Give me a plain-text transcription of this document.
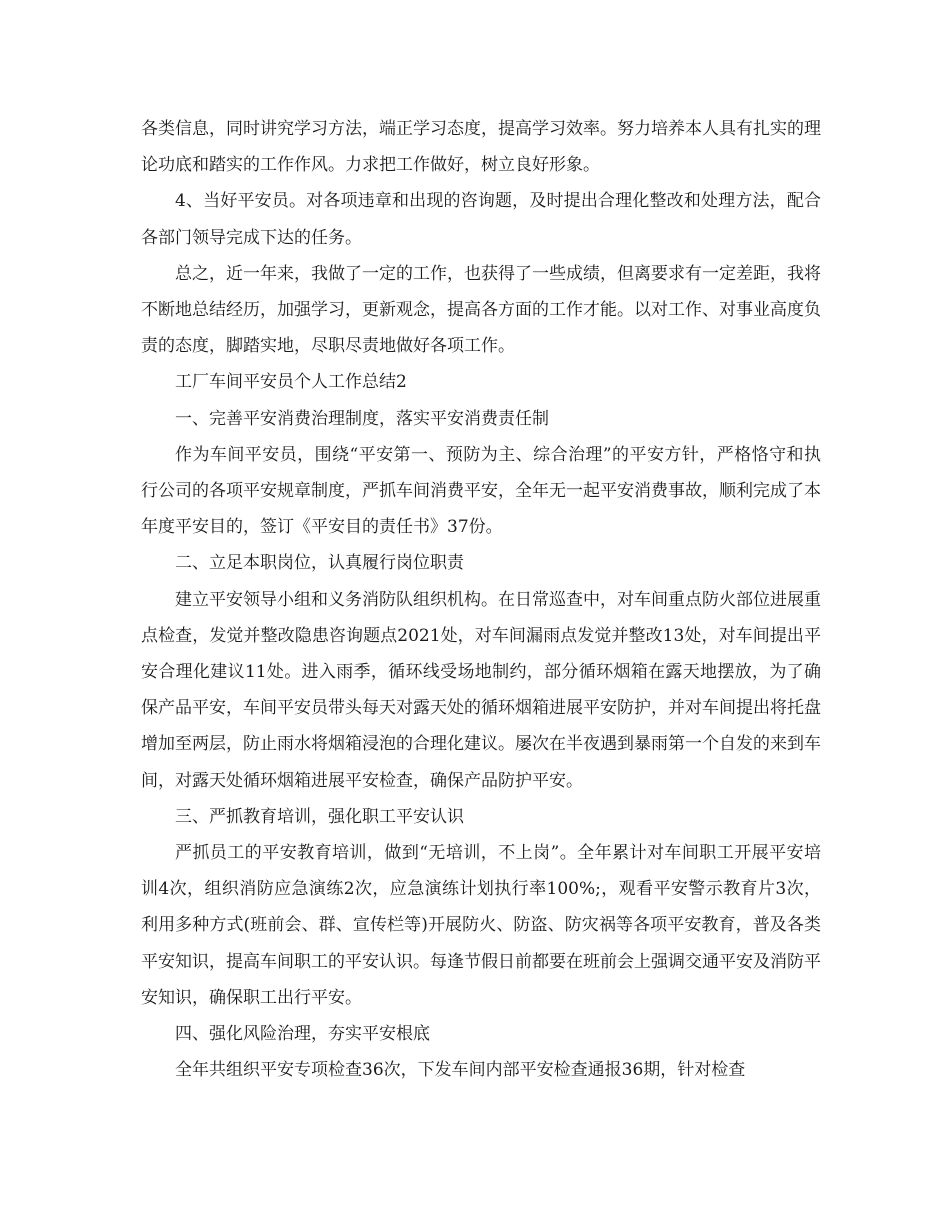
各类信息，同时讲究学习方法，端正学习态度，提高学习效率。努力培养本人具有扎实的理论功底和踏实的工作作风。力求把工作做好，树立良好形象。

4、当好平安员。对各项违章和出现的咨询题，及时提出合理化整改和处理方法，配合各部门领导完成下达的任务。

总之，近一年来，我做了一定的工作，也获得了一些成绩，但离要求有一定差距，我将不断地总结经历，加强学习，更新观念，提高各方面的工作才能。以对工作、对事业高度负责的态度，脚踏实地，尽职尽责地做好各项工作。

工厂车间平安员个人工作总结2

一、完善平安消费治理制度，落实平安消费责任制

作为车间平安员，围绕“平安第一、预防为主、综合治理”的平安方针，严格恪守和执行公司的各项平安规章制度，严抓车间消费平安，全年无一起平安消费事故，顺利完成了本年度平安目的，签订《平安目的责任书》37份。

二、立足本职岗位，认真履行岗位职责

建立平安领导小组和义务消防队组织机构。在日常巡查中，对车间重点防火部位进展重点检查，发觉并整改隐患咨询题点2021处，对车间漏雨点发觉并整改13处，对车间提出平安合理化建议11处。进入雨季，循环线受场地制约，部分循环烟箱在露天地摆放，为了确保产品平安，车间平安员带头每天对露天处的循环烟箱进展平安防护，并对车间提出将托盘增加至两层，防止雨水将烟箱浸泡的合理化建议。屡次在半夜遇到暴雨第一个自发的来到车间，对露天处循环烟箱进展平安检查，确保产品防护平安。

三、严抓教育培训，强化职工平安认识

严抓员工的平安教育培训，做到“无培训，不上岗”。全年累计对车间职工开展平安培训4次，组织消防应急演练2次，应急演练计划执行率100%;，观看平安警示教育片3次，利用多种方式(班前会、群、宣传栏等)开展防火、防盗、防灾祸等各项平安教育，普及各类平安知识，提高车间职工的平安认识。每逢节假日前都要在班前会上强调交通平安及消防平安知识，确保职工出行平安。

四、强化风险治理，夯实平安根底

全年共组织平安专项检查36次，下发车间内部平安检查通报36期，针对检查
